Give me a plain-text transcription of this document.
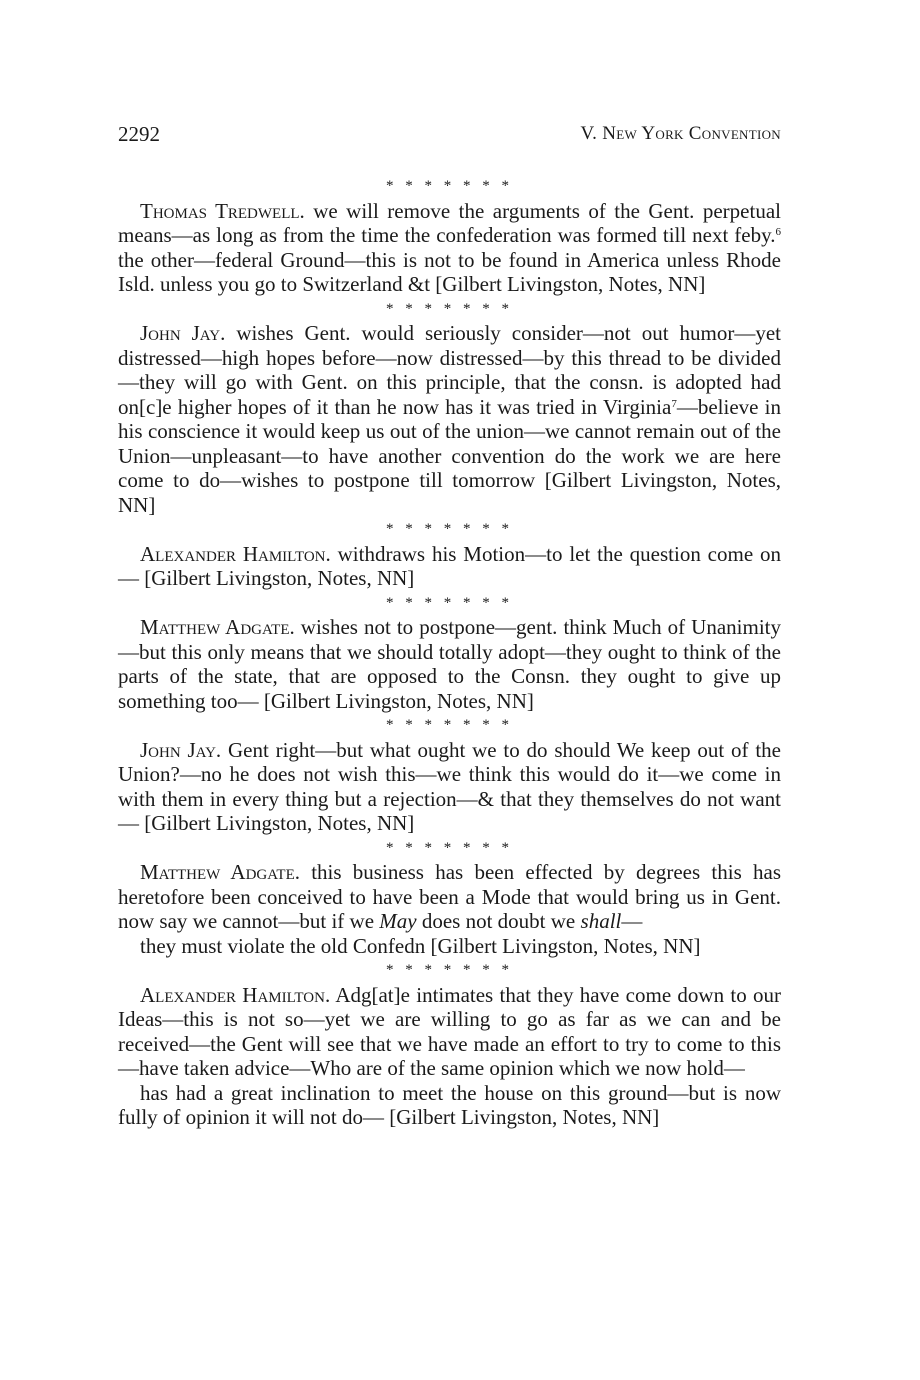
2292	V. New York Convention
* * * * * * *

Thomas Tredwell. we will remove the arguments of the Gent. perpetual means—as long as from the time the confederation was formed till next feby.$^6$ the other—federal Ground—this is not to be found in America unless Rhode Isld. unless you go to Switzerland &t [Gilbert Livingston, Notes, NN]

* * * * * * *

John Jay. wishes Gent. would seriously consider—not out humor—yet distressed—high hopes before—now distressed—by this thread to be divided—they will go with Gent. on this principle, that the consn. is adopted had on[c]e higher hopes of it than he now has it was tried in Virginia$^7$—believe in his conscience it would keep us out of the union—we cannot remain out of the Union—unpleasant—to have another convention do the work we are here come to do—wishes to postpone till tomorrow [Gilbert Livingston, Notes, NN]

* * * * * * *

Alexander Hamilton. withdraws his Motion—to let the question come on— [Gilbert Livingston, Notes, NN]

* * * * * * *

Matthew Adgate. wishes not to postpone—gent. think Much of Unanimity—but this only means that we should totally adopt—they ought to think of the parts of the state, that are opposed to the Consn. they ought to give up something too— [Gilbert Livingston, Notes, NN]

* * * * * * *

John Jay. Gent right—but what ought we to do should We keep out of the Union?—no he does not wish this—we think this would do it—we come in with them in every thing but a rejection—& that they themselves do not want— [Gilbert Livingston, Notes, NN]

* * * * * * *

Matthew Adgate. this business has been effected by degrees this has heretofore been conceived to have been a Mode that would bring us in Gent. now say we cannot—but if we May does not doubt we shall—

they must violate the old Confedn [Gilbert Livingston, Notes, NN]

* * * * * * *

Alexander Hamilton. Adg[at]e intimates that they have come down to our Ideas—this is not so—yet we are willing to go as far as we can and be received—the Gent will see that we have made an effort to try to come to this—have taken advice—Who are of the same opinion which we now hold—

has had a great inclination to meet the house on this ground—but is now fully of opinion it will not do— [Gilbert Livingston, Notes, NN]
